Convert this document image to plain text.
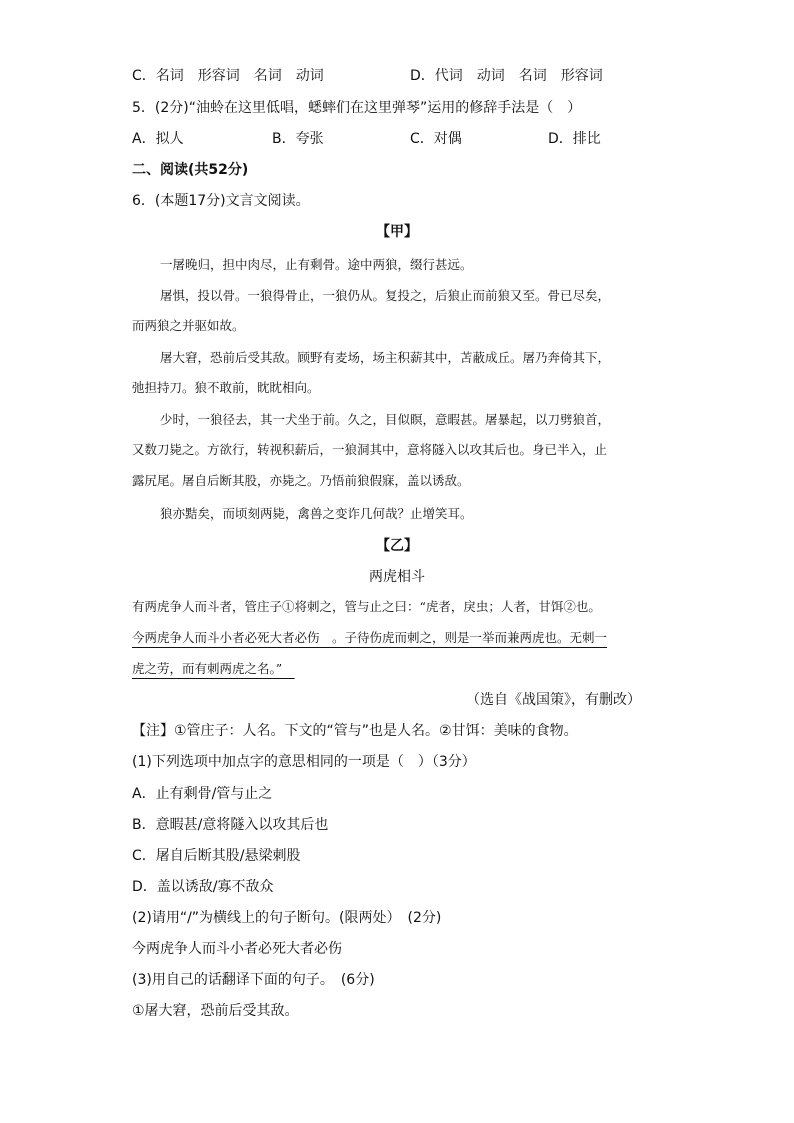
C．名词　形容词　名词　动词	D．代词　动词　名词　形容词
5．(2分)“油蛉在这里低唱，蟋蟀们在这里弹琴”运用的修辞手法是（　）
A．拟人	B．夸张	C．对偶	D．排比
二、阅读(共52分)
6．(本题17分)文言文阅读。
【甲】
一屠晚归，担中肉尽，止有剩骨。途中两狼，缀行甚远。
屠惧，投以骨。一狼得骨止，一狼仍从。复投之，后狼止而前狼又至。骨已尽矣，
而两狼之并驱如故。
屠大窘，恐前后受其敌。顾野有麦场，场主积薪其中，苫蔽成丘。屠乃奔倚其下，
弛担持刀。狼不敢前，眈眈相向。
少时，一狼径去，其一犬坐于前。久之，目似瞑，意暇甚。屠暴起，以刀劈狼首，
又数刀毙之。方欲行，转视积薪后，一狼洞其中，意将隧入以攻其后也。身已半入，止
露尻尾。屠自后断其股，亦毙之。乃悟前狼假寐，盖以诱敌。
狼亦黠矣，而顷刻两毙，禽兽之变诈几何哉？止增笑耳。
【乙】
两虎相斗
有两虎争人而斗者，管庄子①将刺之，管与止之曰：“虎者，戾虫；人者，甘饵②也。
今两虎争人而斗小者必死大者必伤　。子待伤虎而刺之，则是一举而兼两虎也。无刺一
虎之劳，而有刺两虎之名。”　
（选自《战国策》，有删改）
【注】①管庄子：人名。下文的“管与”也是人名。②甘饵：美味的食物。
(1)下列选项中加点字的意思相同的一项是（　）（3分）
A．止有剩骨/管与止之
B．意暇甚/意将隧入以攻其后也
C．屠自后断其股/悬梁刺股
D．盖以诱敌/寡不敌众
(2)请用“/”为横线上的句子断句。(限两处）　(2分)
今两虎争人而斗小者必死大者必伤
(3)用自己的话翻译下面的句子。　(6分)
①屠大窘，恐前后受其敌。
